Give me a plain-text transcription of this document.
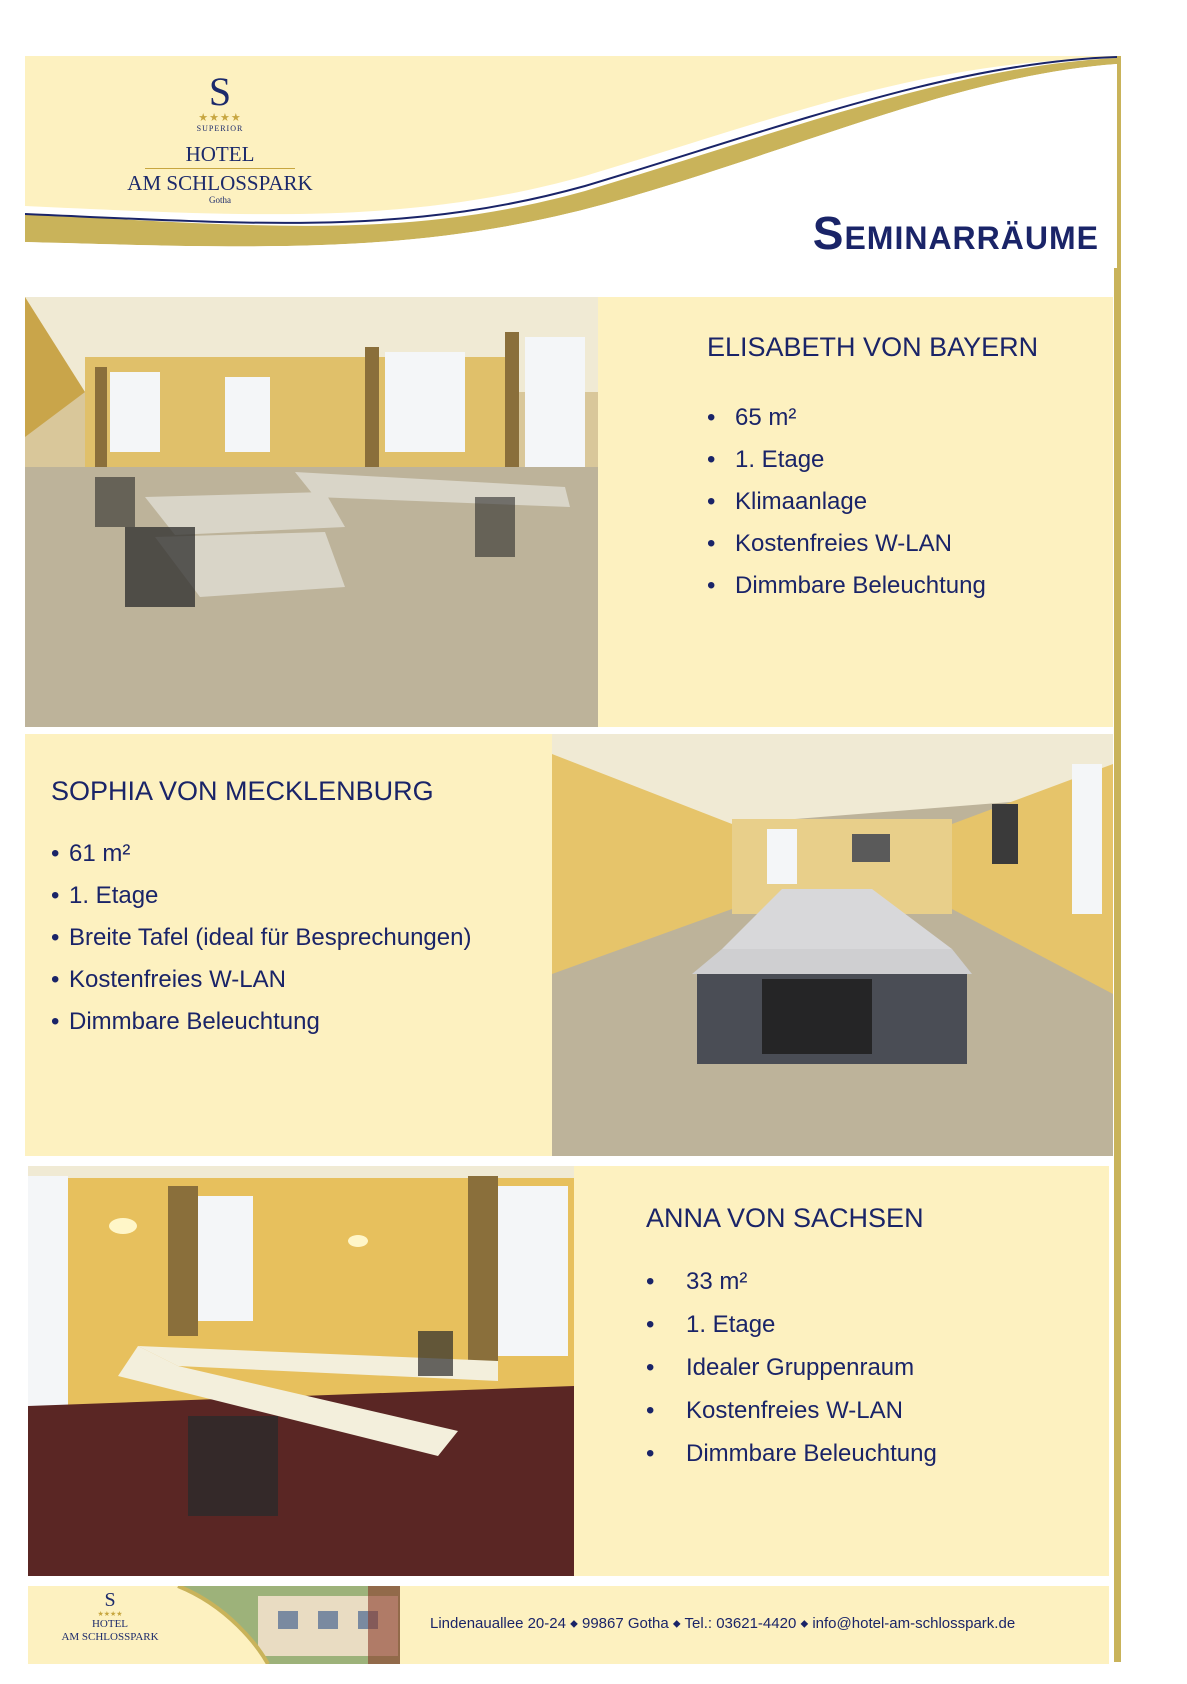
S
★★★★
SUPERIOR
HOTEL
AM SCHLOSSPARK
Gotha
Seminarräume
ELISABETH VON BAYERN
• 65 m²
• 1. Etage
• Klimaanlage
• Kostenfreies W-LAN
• Dimmbare Beleuchtung
SOPHIA VON MECKLENBURG
• 61 m²
• 1. Etage
• Breite Tafel (ideal für Besprechungen)
• Kostenfreies W-LAN
• Dimmbare Beleuchtung
ANNA VON SACHSEN
• 33 m²
• 1. Etage
• Idealer Gruppenraum
• Kostenfreies W-LAN
• Dimmbare Beleuchtung
S
★★★★
HOTEL
AM SCHLOSSPARK
Lindenauallee 20-24 ◆ 99867 Gotha ◆ Tel.: 03621-4420 ◆ info@hotel-am-schlosspark.de
